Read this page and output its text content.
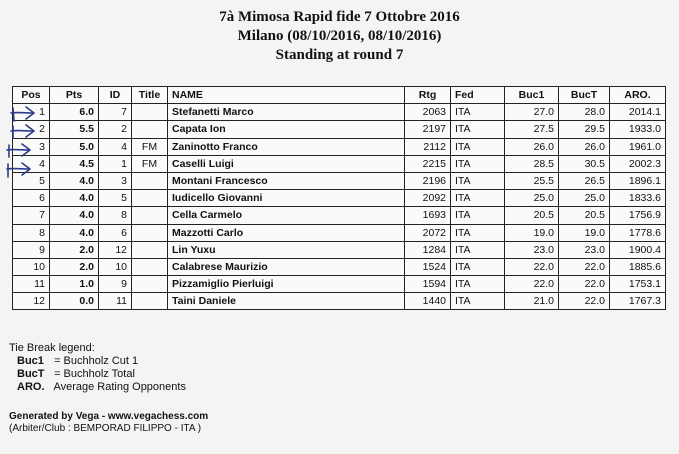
7à Mimosa Rapid fide 7 Ottobre 2016
Milano (08/10/2016, 08/10/2016)
Standing at round 7
Pos	Pts	ID	Title	NAME	Rtg	Fed	Buc1	BucT	ARO.
1	6.0	7		Stefanetti Marco	2063	ITA	27.0	28.0	2014.1
2	5.5	2		Capata Ion	2197	ITA	27.5	29.5	1933.0
3	5.0	4	FM	Zaninotto Franco	2112	ITA	26.0	26.0	1961.0
4	4.5	1	FM	Caselli Luigi	2215	ITA	28.5	30.5	2002.3
5	4.0	3		Montani Francesco	2196	ITA	25.5	26.5	1896.1
6	4.0	5		Iudicello Giovanni	2092	ITA	25.0	25.0	1833.6
7	4.0	8		Cella Carmelo	1693	ITA	20.5	20.5	1756.9
8	4.0	6		Mazzotti Carlo	2072	ITA	19.0	19.0	1778.6
9	2.0	12		Lin Yuxu	1284	ITA	23.0	23.0	1900.4
10	2.0	10		Calabrese Maurizio	1524	ITA	22.0	22.0	1885.6
11	1.0	9		Pizzamiglio Pierluigi	1594	ITA	22.0	22.0	1753.1
12	0.0	11		Taini Daniele	1440	ITA	21.0	22.0	1767.3
Tie Break legend:
Buc1 = Buchholz Cut 1
BucT = Buchholz Total
ARO. Average Rating Opponents
Generated by Vega - www.vegachess.com
(Arbiter/Club : BEMPORAD FILIPPO - ITA )
